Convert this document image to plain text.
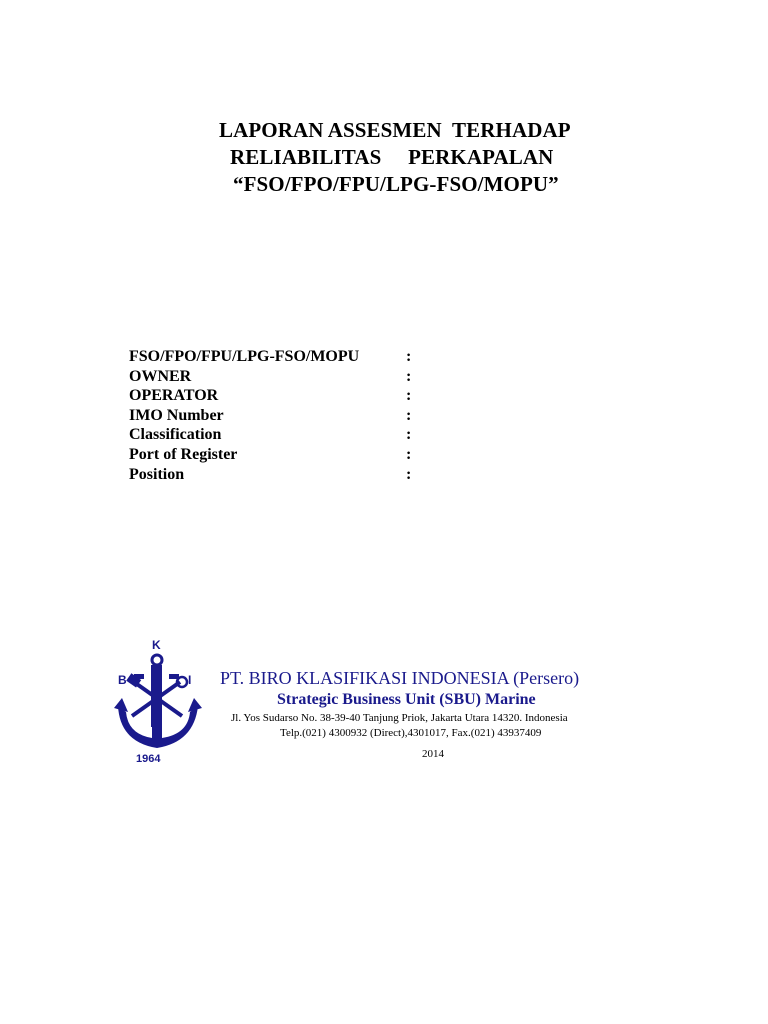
LAPORAN ASSESMEN  TERHADAP
RELIABILITAS     PERKAPALAN
“FSO/FPO/FPU/LPG-FSO/MOPU”
FSO/FPO/FPU/LPG-FSO/MOPU	:
OWNER	:
OPERATOR	:
IMO Number	:
Classification	:
Port of Register	:
Position	:
K
B	I
1964
PT. BIRO KLASIFIKASI INDONESIA (Persero)
Strategic Business Unit (SBU) Marine
Jl. Yos Sudarso No. 38-39-40 Tanjung Priok, Jakarta Utara 14320. Indonesia
Telp.(021) 4300932 (Direct),4301017, Fax.(021) 43937409
2014
